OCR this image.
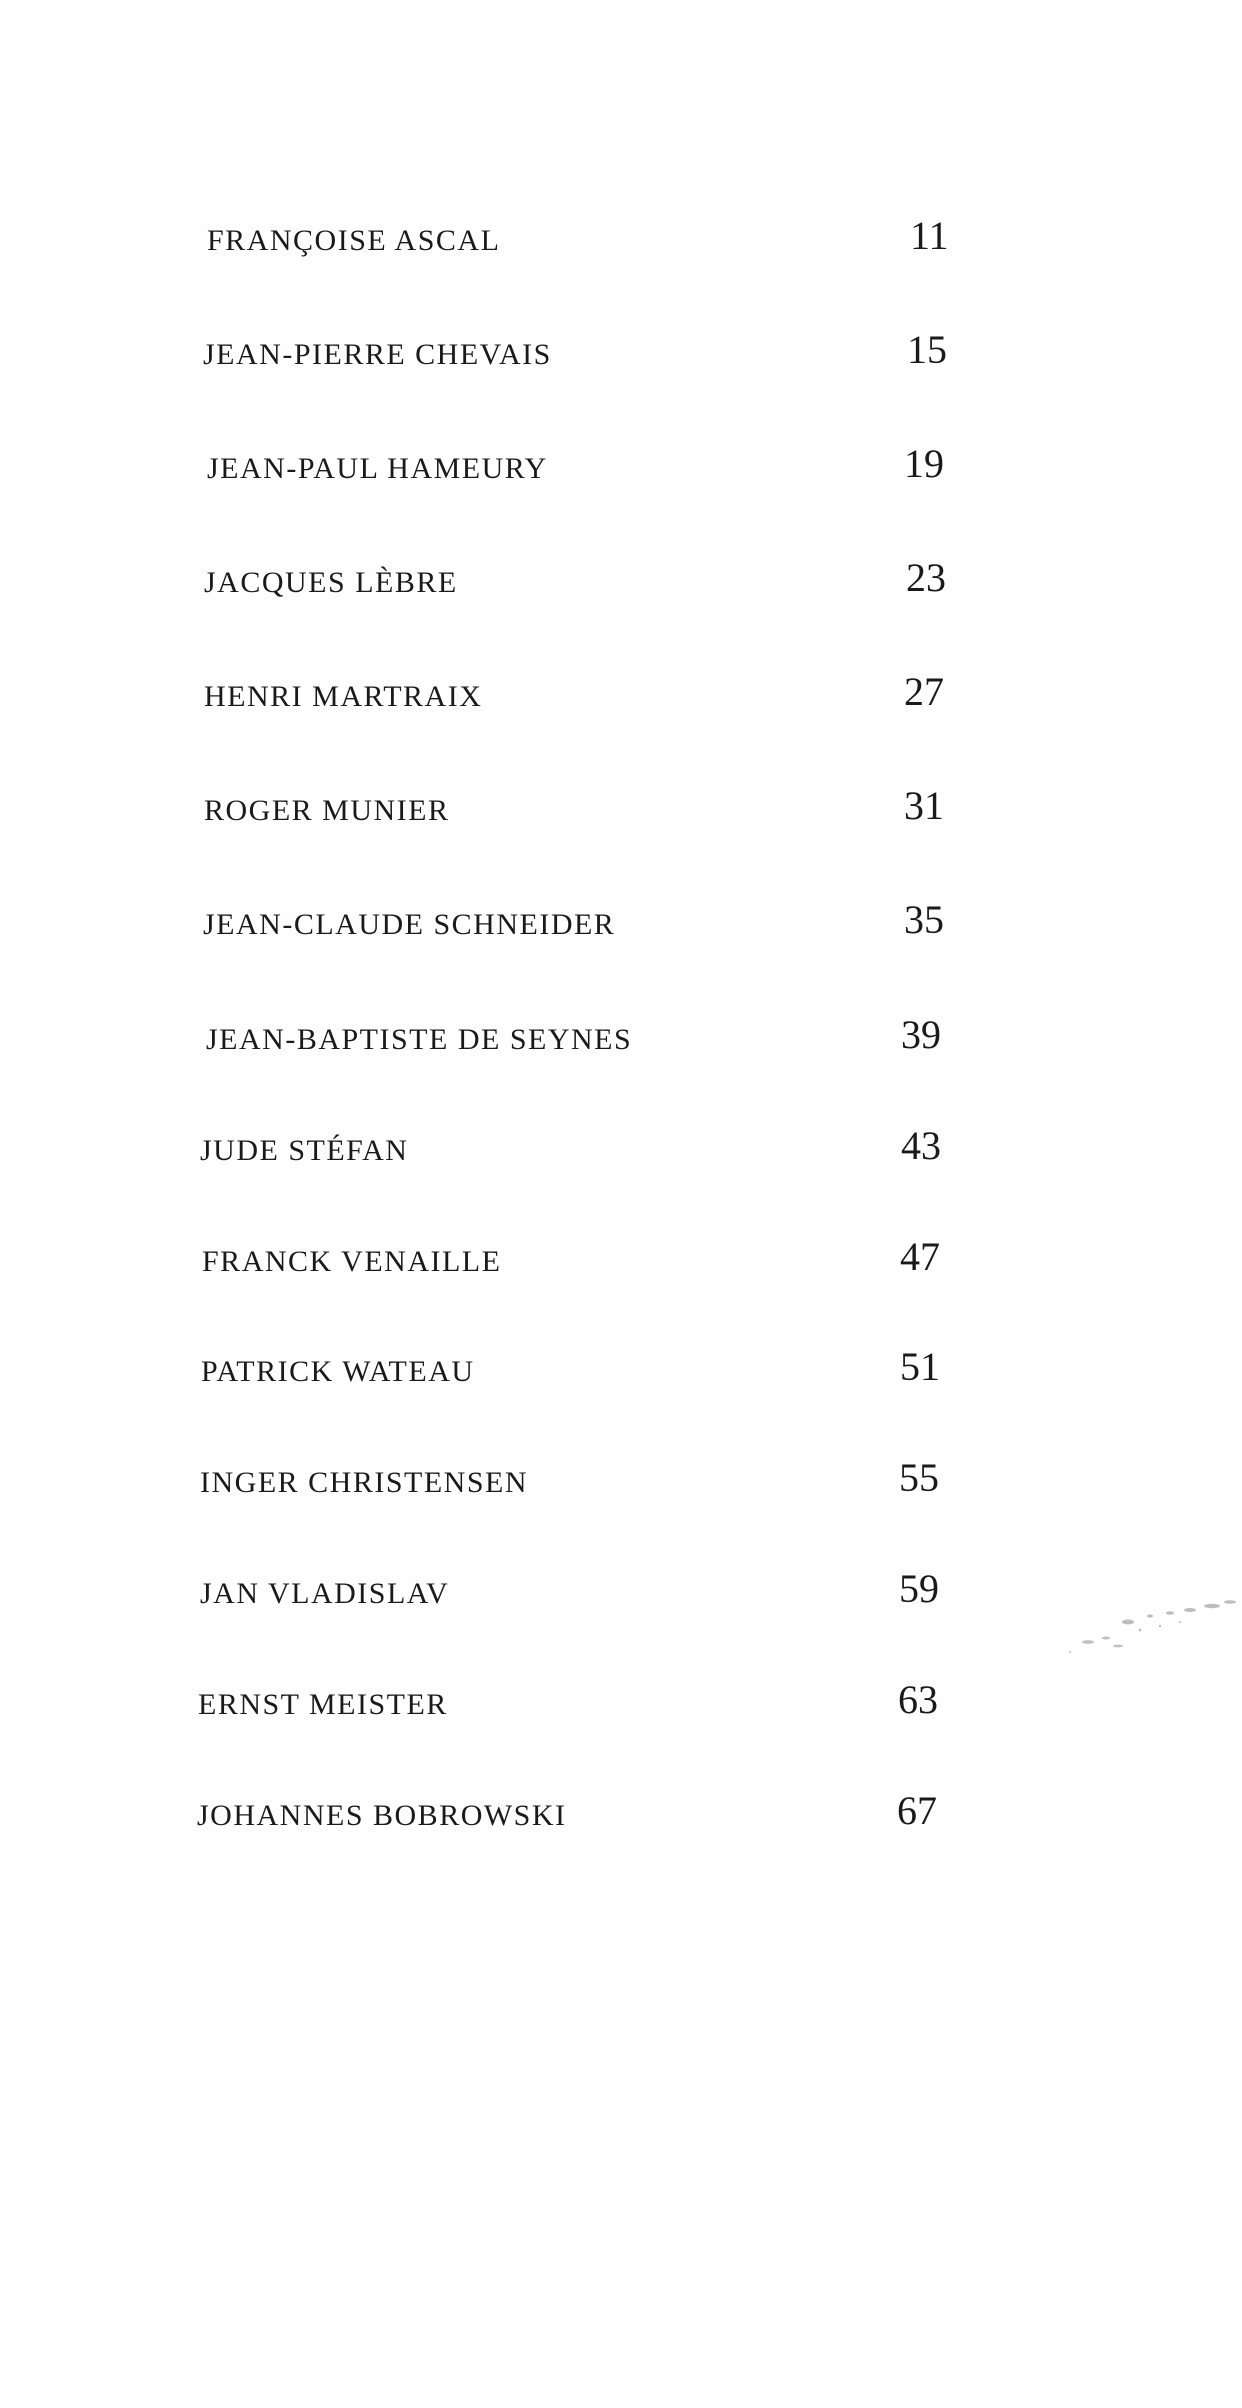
FRANÇOISE ASCAL	11
JEAN-PIERRE CHEVAIS	15
JEAN-PAUL HAMEURY	19
JACQUES LÈBRE	23
HENRI MARTRAIX	27
ROGER MUNIER	31
JEAN-CLAUDE SCHNEIDER	35
JEAN-BAPTISTE DE SEYNES	39
JUDE STÉFAN	43
FRANCK VENAILLE	47
PATRICK WATEAU	51
INGER CHRISTENSEN	55
JAN VLADISLAV	59
ERNST MEISTER	63
JOHANNES BOBROWSKI	67
